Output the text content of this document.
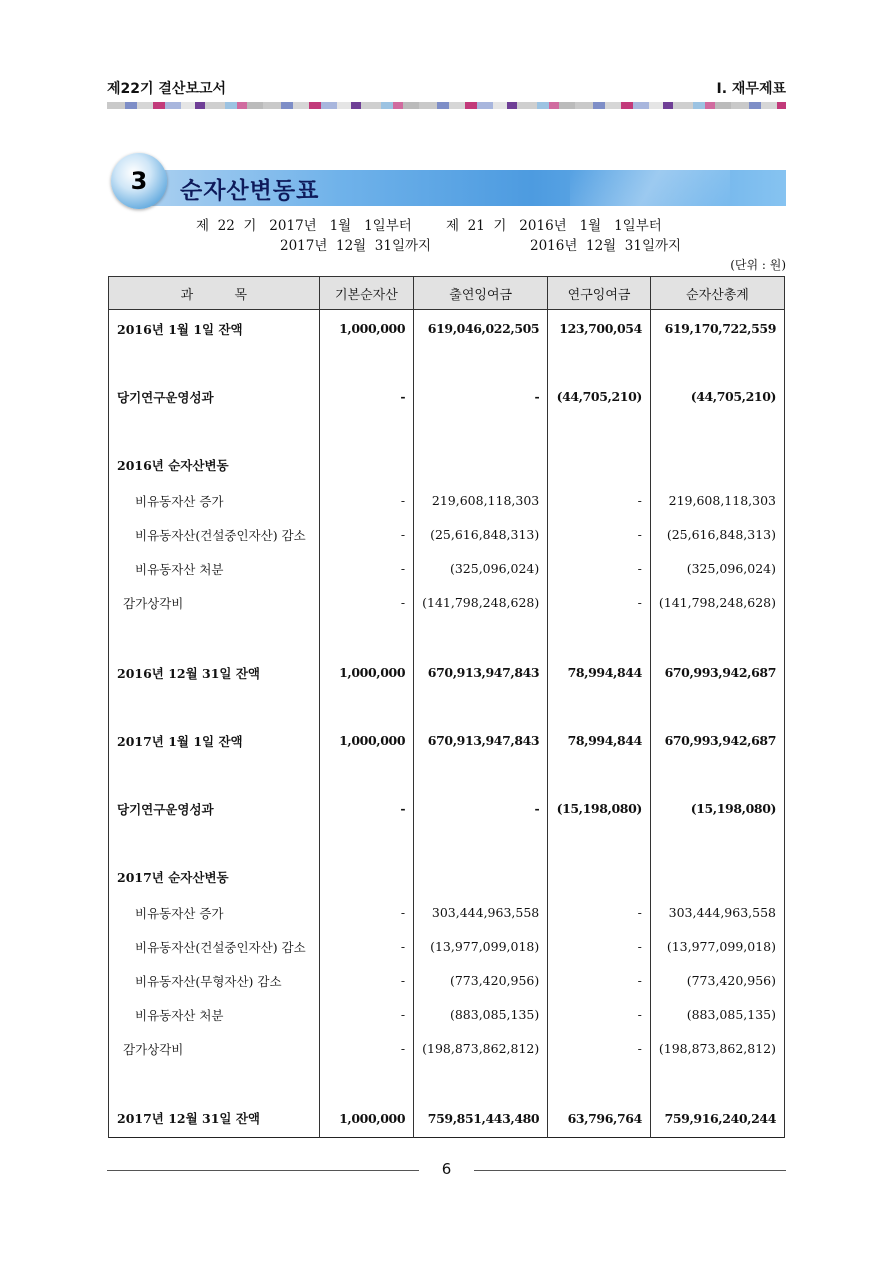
제22기 결산보고서	Ⅰ. 재무제표
3	순자산변동표
제  22  기   2017년   1월   1일부터
2017년  12월  31일까지
제  21  기   2016년   1월   1일부터
2016년  12월  31일까지
(단위 : 원)
과          목	기본순자산	출연잉여금	연구잉여금	순자산총계
2016년 1월 1일 잔액	1,000,000	619,046,022,505	123,700,054	619,170,722,559

당기연구운영성과	-	-	(44,705,210)	(44,705,210)

2016년 순자산변동				
비유동자산 증가	-	219,608,118,303	-	219,608,118,303
비유동자산(건설중인자산) 감소	-	(25,616,848,313)	-	(25,616,848,313)
비유동자산 처분	-	(325,096,024)	-	(325,096,024)
감가상각비	-	(141,798,248,628)	-	(141,798,248,628)

2016년 12월 31일 잔액	1,000,000	670,913,947,843	78,994,844	670,993,942,687

2017년 1월 1일 잔액	1,000,000	670,913,947,843	78,994,844	670,993,942,687

당기연구운영성과	-	-	(15,198,080)	(15,198,080)

2017년 순자산변동				
비유동자산 증가	-	303,444,963,558	-	303,444,963,558
비유동자산(건설중인자산) 감소	-	(13,977,099,018)	-	(13,977,099,018)
비유동자산(무형자산) 감소	-	(773,420,956)	-	(773,420,956)
비유동자산 처분	-	(883,085,135)	-	(883,085,135)
감가상각비	-	(198,873,862,812)	-	(198,873,862,812)

2017년 12월 31일 잔액	1,000,000	759,851,443,480	63,796,764	759,916,240,244
6
